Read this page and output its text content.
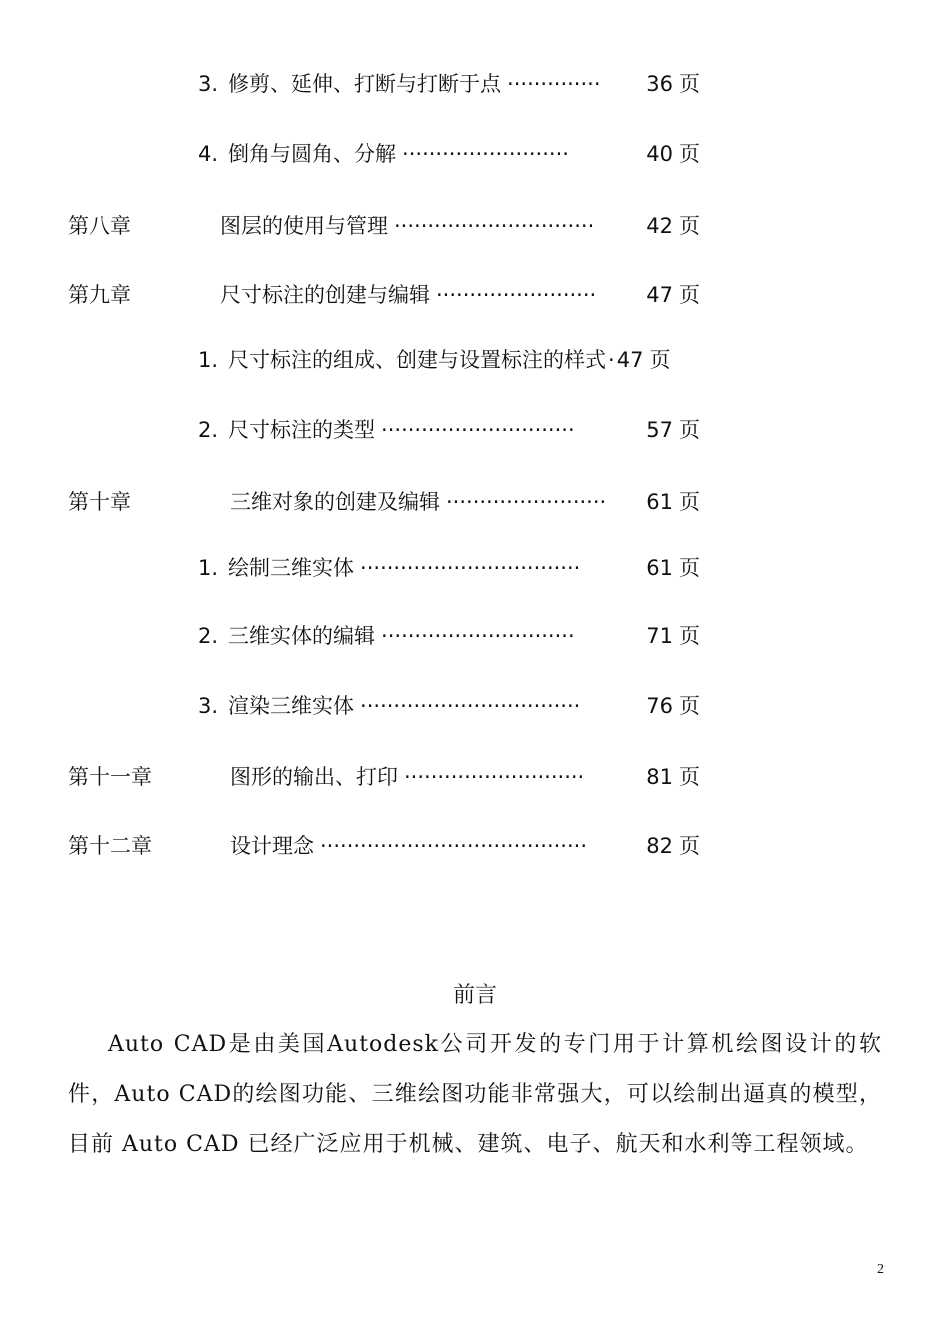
3. 修剪、延伸、打断与打断于点 ··············	36 页
4. 倒角与圆角、分解 ·························	40 页
第八章	图层的使用与管理 ······························	42 页
第九章	尺寸标注的创建与编辑 ························	47 页
1. 尺寸标注的组成、创建与设置标注的样式 · 47 页
2. 尺寸标注的类型 ·····························	57 页
第十章	三维对象的创建及编辑 ························	61 页
1. 绘制三维实体 ·································	61 页
2. 三维实体的编辑 ·····························	71 页
3. 渲染三维实体 ·································	76 页
第十一章	图形的输出、打印 ···························	81 页
第十二章	设计理念 ········································	82 页
前言
Auto CAD是由美国Autodesk公司开发的专门用于计算机绘图设计的软件，Auto CAD的绘图功能、三维绘图功能非常强大，可以绘制出逼真的模型，目前 Auto CAD 已经广泛应用于机械、建筑、电子、航天和水利等工程领域。
2
